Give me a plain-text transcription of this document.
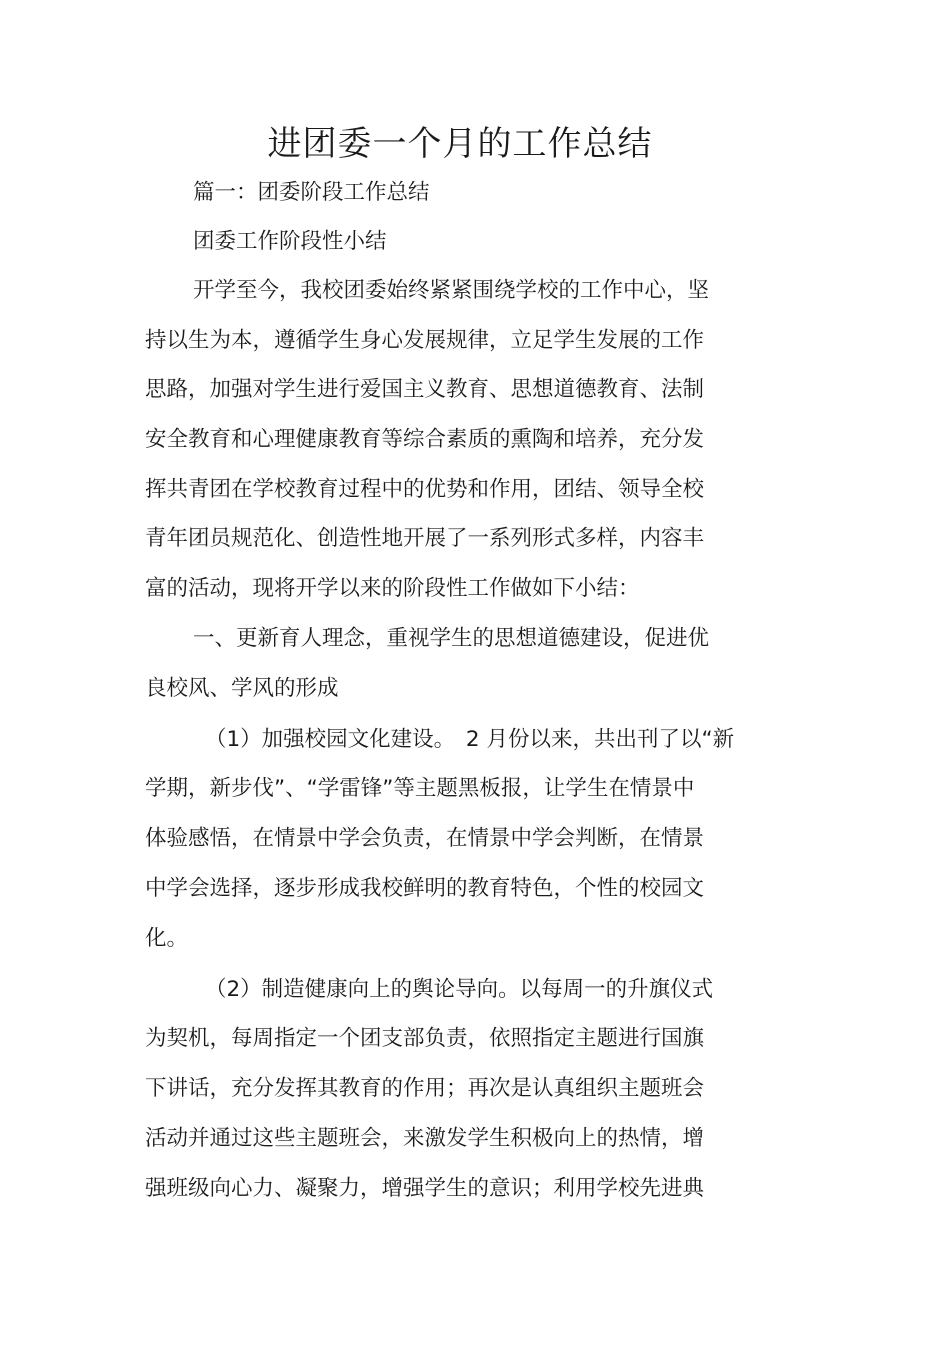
进团委一个月的工作总结

篇一：团委阶段工作总结

团委工作阶段性小结

开学至今，我校团委始终紧紧围绕学校的工作中心，坚

持以生为本，遵循学生身心发展规律，立足学生发展的工作

思路，加强对学生进行爱国主义教育、思想道德教育、法制

安全教育和心理健康教育等综合素质的熏陶和培养，充分发

挥共青团在学校教育过程中的优势和作用，团结、领导全校

青年团员规范化、创造性地开展了一系列形式多样，内容丰

富的活动，现将开学以来的阶段性工作做如下小结：

一、更新育人理念，重视学生的思想道德建设，促进优

良校风、学风的形成

（1）加强校园文化建设。　2 月份以来，共出刊了以“新

学期，新步伐”、“学雷锋”等主题黑板报，让学生在情景中

体验感悟，在情景中学会负责，在情景中学会判断，在情景

中学会选择，逐步形成我校鲜明的教育特色，个性的校园文

化。

（2）制造健康向上的舆论导向。以每周一的升旗仪式

为契机，每周指定一个团支部负责，依照指定主题进行国旗

下讲话，充分发挥其教育的作用；再次是认真组织主题班会

活动并通过这些主题班会，来激发学生积极向上的热情，增

强班级向心力、凝聚力，增强学生的意识；利用学校先进典
